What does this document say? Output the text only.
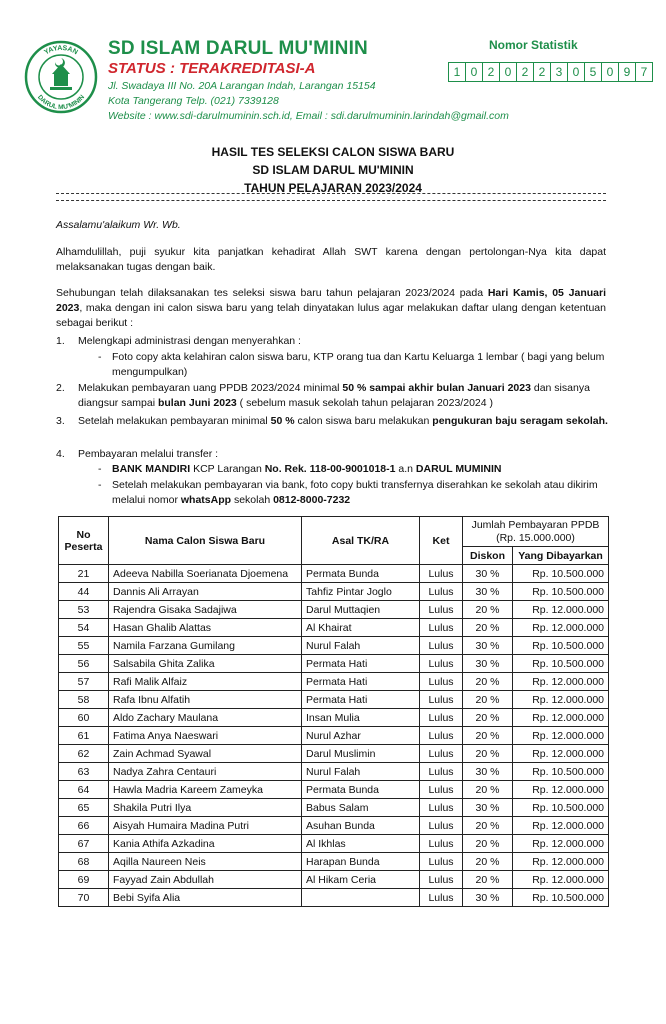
YAYASAN
DARUL MU'MININ
SD ISLAM DARUL MU'MININ
STATUS : TERAKREDITASI-A
Jl. Swadaya III No. 20A Larangan Indah, Larangan 15154
Kota Tangerang Telp. (021) 7339128
Website : www.sdi-darulmuminin.sch.id, Email : sdi.darulmuminin.larindah@gmail.com
Nomor Statistik
1 0 2 0 2 2 3 0 5 0 9 7
HASIL TES SELEKSI CALON SISWA BARU
SD ISLAM DARUL MU'MININ
TAHUN PELAJARAN 2023/2024
Assalamu'alaikum Wr. Wb.
Alhamdulillah, puji syukur kita panjatkan kehadirat Allah SWT karena dengan pertolongan-Nya kita dapat melaksanakan tugas dengan baik.
Sehubungan telah dilaksanakan tes seleksi siswa baru tahun pelajaran 2023/2024 pada Hari Kamis, 05 Januari 2023, maka dengan ini calon siswa baru yang telah dinyatakan lulus agar melakukan daftar ulang dengan ketentuan sebagai berikut :
1. Melengkapi administrasi dengan menyerahkan :
- Foto copy akta kelahiran calon siswa baru, KTP orang tua dan Kartu Keluarga 1 lembar ( bagi yang belum mengumpulkan)
2. Melakukan pembayaran uang PPDB 2023/2024 minimal 50 % sampai akhir bulan Januari 2023 dan sisanya diangsur sampai bulan Juni 2023 ( sebelum masuk sekolah tahun pelajaran 2023/2024 )
3. Setelah melakukan pembayaran minimal 50 % calon siswa baru melakukan pengukuran baju seragam sekolah.
4. Pembayaran melalui transfer :
- BANK MANDIRI KCP Larangan No. Rek. 118-00-9001018-1 a.n DARUL MUMININ
- Setelah melakukan pembayaran via bank, foto copy bukti transfernya diserahkan ke sekolah atau dikirim melalui nomor whatsApp sekolah 0812-8000-7232
No
Peserta	Nama Calon Siswa Baru	Asal TK/RA	Ket	Jumlah Pembayaran PPDB
(Rp. 15.000.000)	
				Diskon	Yang Dibayarkan
21	Adeeva Nabilla Soerianata Djoemena	Permata Bunda	Lulus	30 %	Rp. 10.500.000
44	Dannis Ali Arrayan	Tahfiz Pintar Joglo	Lulus	30 %	Rp. 10.500.000
53	Rajendra Gisaka Sadajiwa	Darul Muttaqien	Lulus	20 %	Rp. 12.000.000
54	Hasan Ghalib Alattas	Al Khairat	Lulus	20 %	Rp. 12.000.000
55	Namila Farzana Gumilang	Nurul Falah	Lulus	30 %	Rp. 10.500.000
56	Salsabila Ghita Zalika	Permata Hati	Lulus	30 %	Rp. 10.500.000
57	Rafi Malik Alfaiz	Permata Hati	Lulus	20 %	Rp. 12.000.000
58	Rafa Ibnu Alfatih	Permata Hati	Lulus	20 %	Rp. 12.000.000
60	Aldo Zachary Maulana	Insan Mulia	Lulus	20 %	Rp. 12.000.000
61	Fatima Anya Naeswari	Nurul Azhar	Lulus	20 %	Rp. 12.000.000
62	Zain Achmad Syawal	Darul Muslimin	Lulus	20 %	Rp. 12.000.000
63	Nadya Zahra Centauri	Nurul Falah	Lulus	30 %	Rp. 10.500.000
64	Hawla Madria Kareem Zameyka	Permata Bunda	Lulus	20 %	Rp. 12.000.000
65	Shakila Putri Ilya	Babus Salam	Lulus	30 %	Rp. 10.500.000
66	Aisyah Humaira Madina Putri	Asuhan Bunda	Lulus	20 %	Rp. 12.000.000
67	Kania Athifa Azkadina	Al Ikhlas	Lulus	20 %	Rp. 12.000.000
68	Aqilla Naureen Neis	Harapan Bunda	Lulus	20 %	Rp. 12.000.000
69	Fayyad Zain Abdullah	Al Hikam Ceria	Lulus	20 %	Rp. 12.000.000
70	Bebi Syifa Alia		Lulus	30 %	Rp. 10.500.000
